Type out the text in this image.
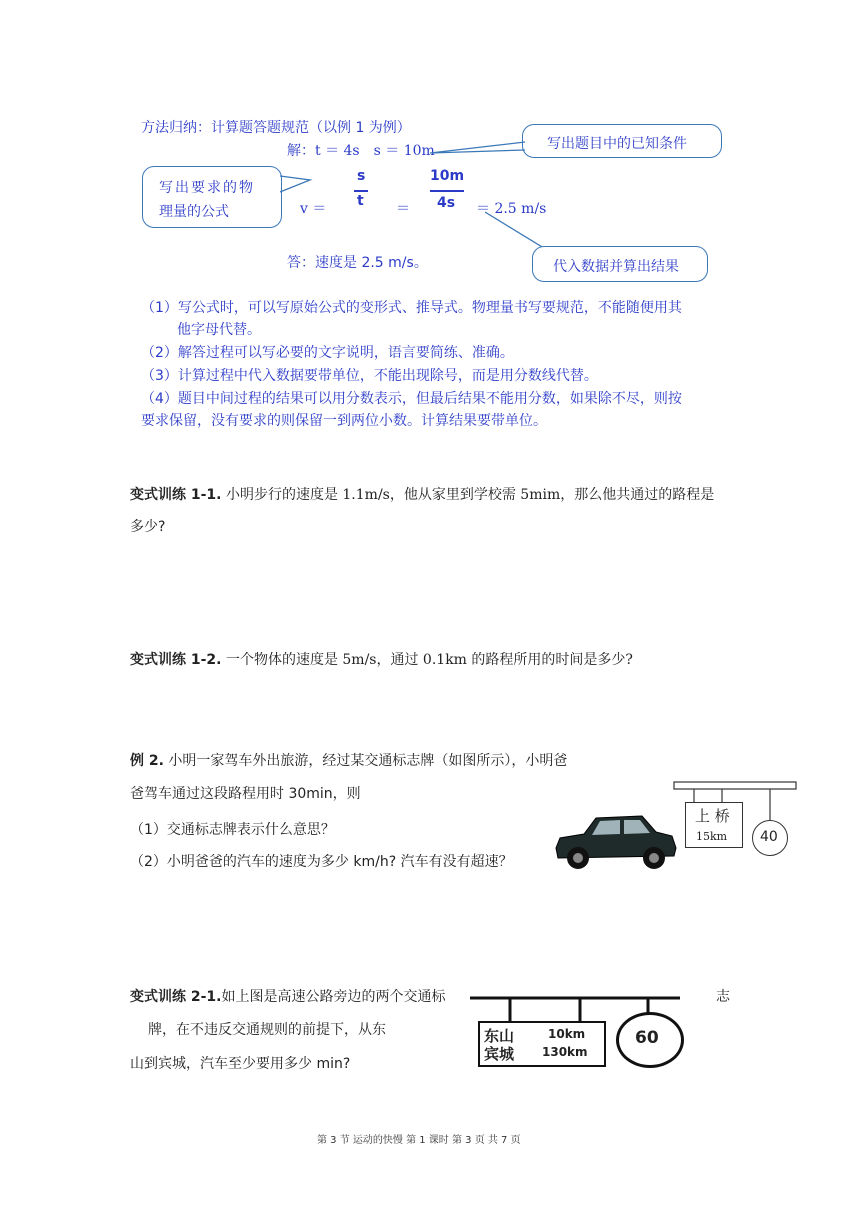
方法归纳：计算题答题规范（以例 1 为例）
解：t ＝ 4s　s ＝ 10m	写出题目中的已知条件
写出要求的物
理量的公式	v ＝
s
t ＝
10m
4s ＝ 2.5 m/s
代入数据并算出结果
答：速度是 2.5 m/s。
（1）写公式时，可以写原始公式的变形式、推导式。物理量书写要规范，不能随便用其
他字母代替。
（2）解答过程可以写必要的文字说明，语言要简练、准确。
（3）计算过程中代入数据要带单位，不能出现除号，而是用分数线代替。
（4）题目中间过程的结果可以用分数表示，但最后结果不能用分数，如果除不尽，则按
要求保留，没有要求的则保留一到两位小数。计算结果要带单位。
变式训练 1-1. 小明步行的速度是 1.1m/s，他从家里到学校需 5mim，那么他共通过的路程是
多少?
变式训练 1-2. 一个物体的速度是 5m/s，通过 0.1km 的路程所用的时间是多少?
例 2. 小明一家驾车外出旅游，经过某交通标志牌（如图所示），小明爸
爸驾车通过这段路程用时 30min，则
（1）交通标志牌表示什么意思？
（2）小明爸爸的汽车的速度为多少 km/h? 汽车有没有超速？
上 桥
15km 40
变式训练 2-1.如上图是高速公路旁边的两个交通标	志
牌，在不违反交通规则的前提下，从东
山到宾城，汽车至少要用多少 min?
东山	10km
宾城 130km
60
第 3 节 运动的快慢 第 1 课时 第 3 页 共 7 页
